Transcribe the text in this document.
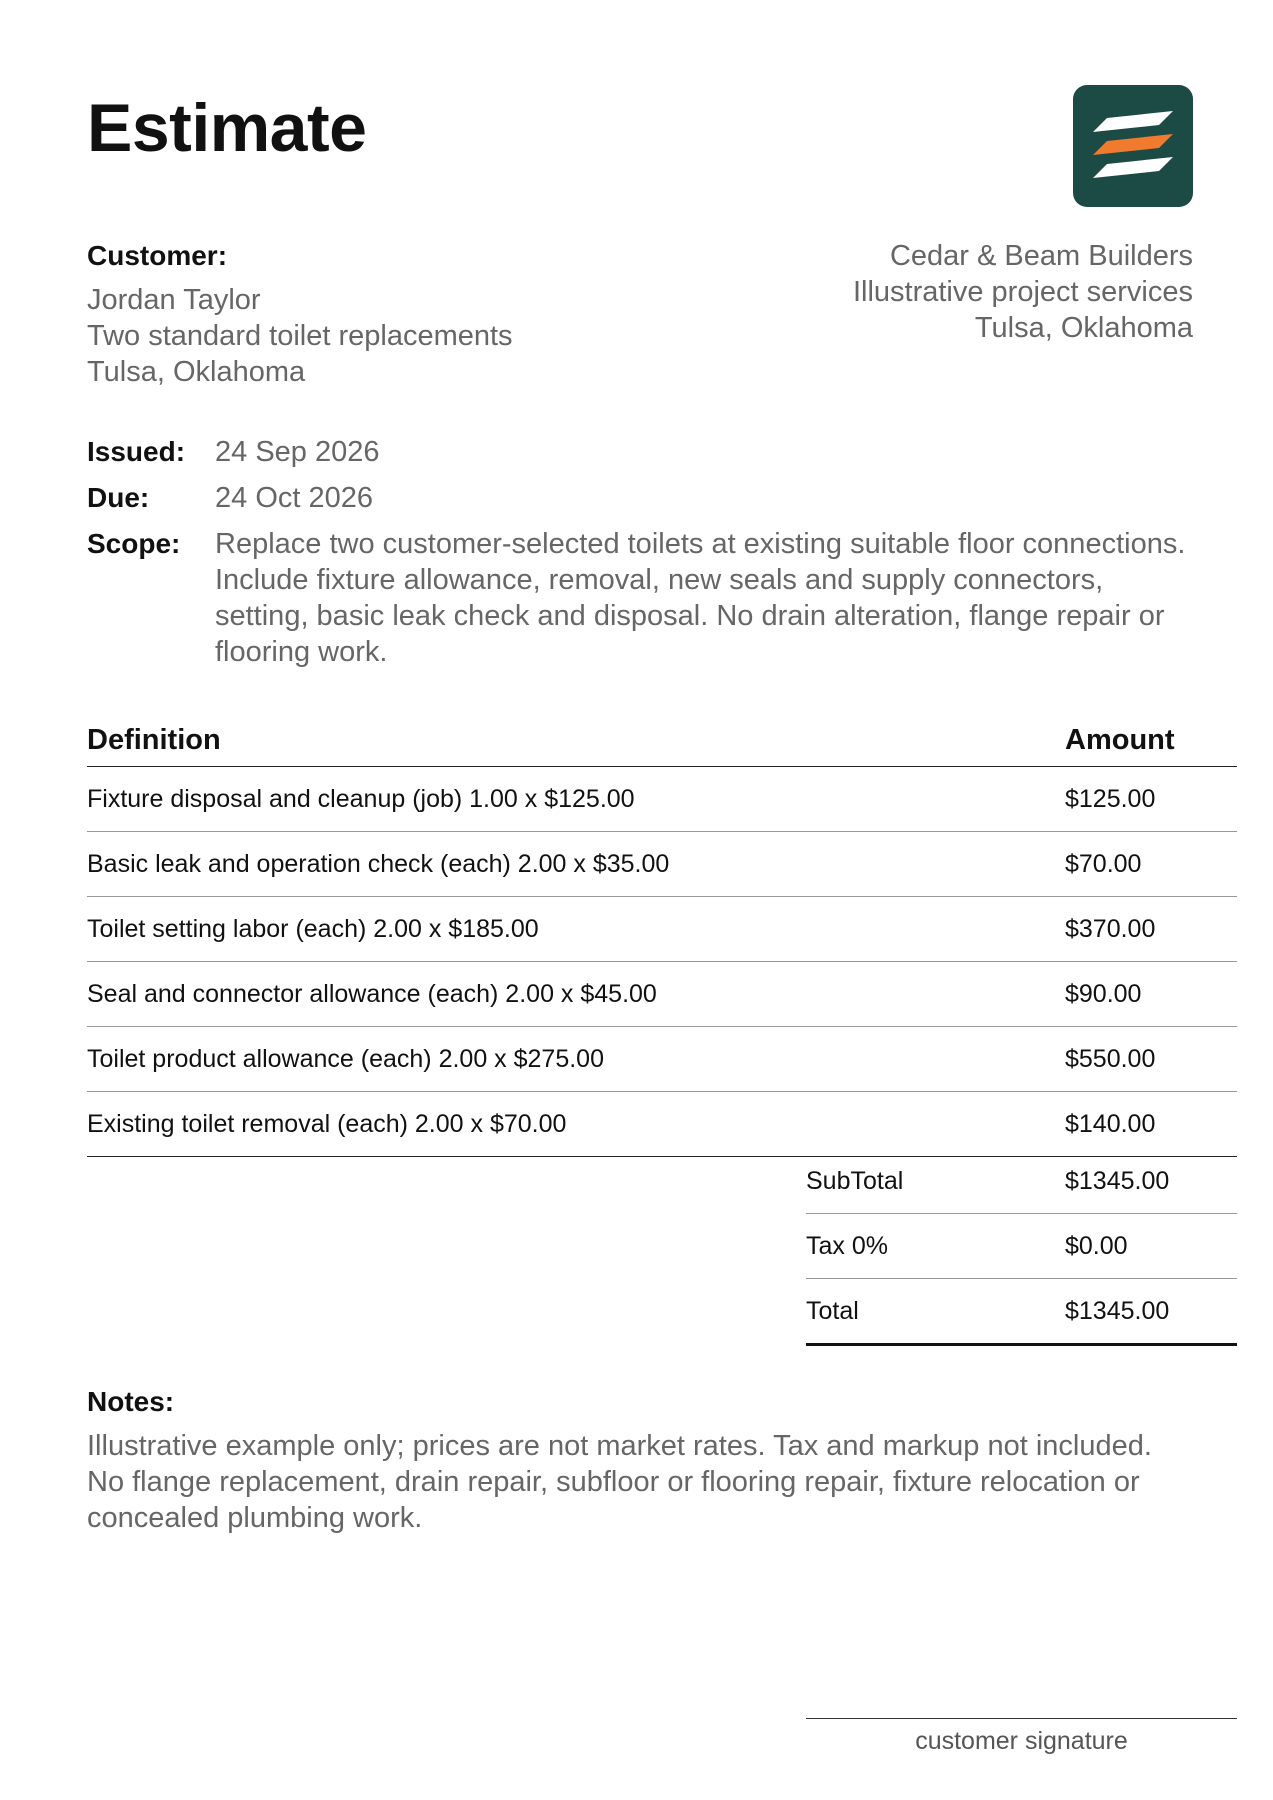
Estimate
Customer:
Jordan Taylor
Two standard toilet replacements
Tulsa, Oklahoma
Cedar & Beam Builders
Illustrative project services
Tulsa, Oklahoma
Issued:	24 Sep 2026
Due:	24 Oct 2026
Scope:	Replace two customer-selected toilets at existing suitable floor connections. Include fixture allowance, removal, new seals and supply connectors, setting, basic leak check and disposal. No drain alteration, flange repair or flooring work.
Definition	Amount
Fixture disposal and cleanup (job) 1.00 x $125.00	$125.00
Basic leak and operation check (each) 2.00 x $35.00	$70.00
Toilet setting labor (each) 2.00 x $185.00	$370.00
Seal and connector allowance (each) 2.00 x $45.00	$90.00
Toilet product allowance (each) 2.00 x $275.00	$550.00
Existing toilet removal (each) 2.00 x $70.00	$140.00
SubTotal	$1345.00
Tax 0%	$0.00
Total	$1345.00
Notes:
Illustrative example only; prices are not market rates. Tax and markup not included. No flange replacement, drain repair, subfloor or flooring repair, fixture relocation or concealed plumbing work.
customer signature
